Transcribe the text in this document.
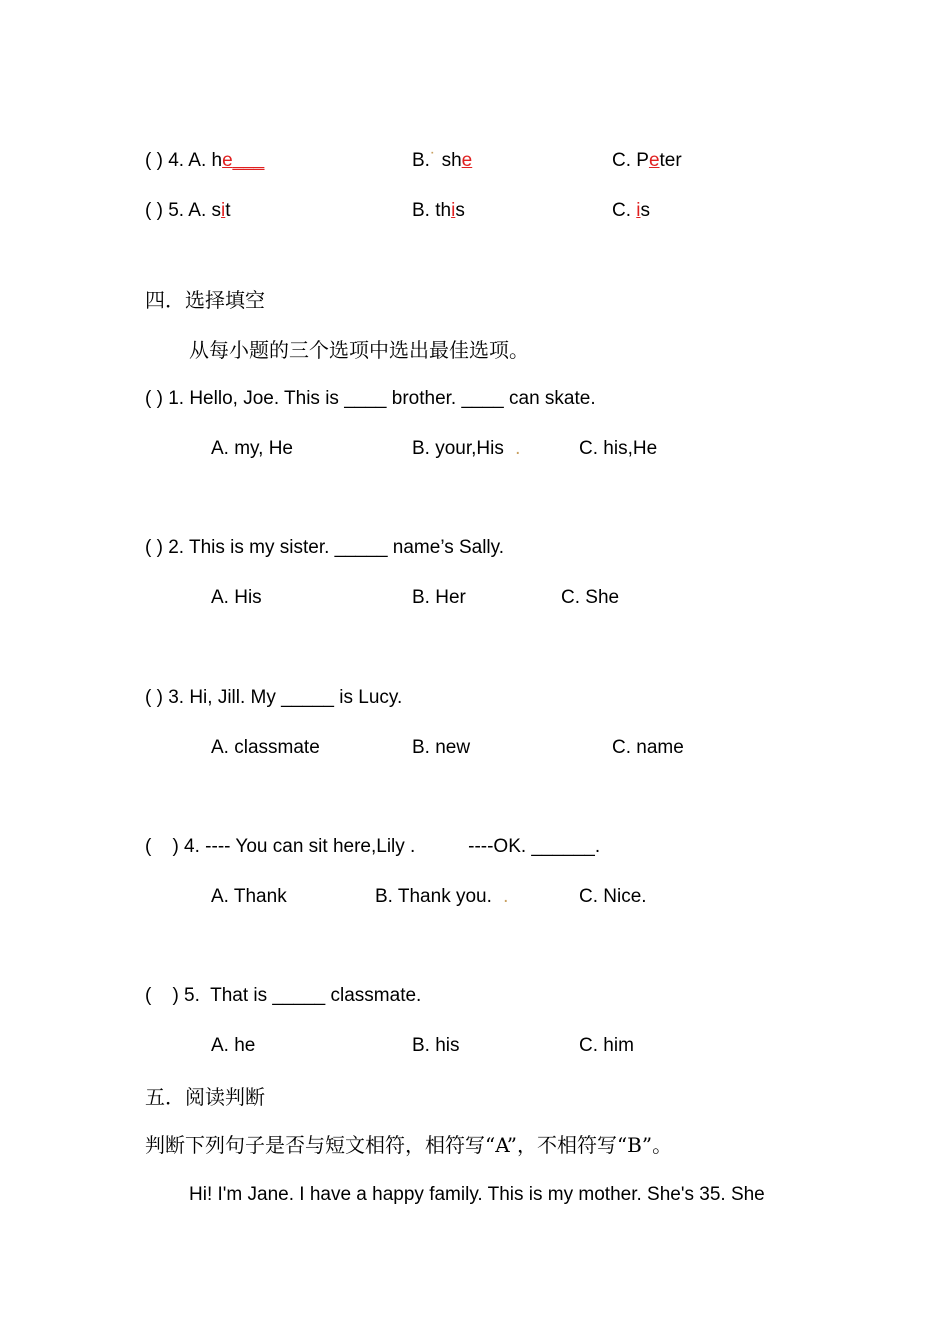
( ) 4. A. he___	B.˙ she	C. Peter
( ) 5. A. sit	B. this	C. is
四．选择填空
从每小题的三个选项中选出最佳选项。
( ) 1. Hello, Joe. This is ____ brother. ____ can skate.
A. my, He	B. your,His .	C. his,He
( ) 2. This is my sister. _____ name’s Sally.
A. His	B. Her	C. She
( ) 3. Hi, Jill. My _____ is Lucy.
A. classmate	B. new	C. name
(    ) 4. ---- You can sit here,Lily .          ----OK. ______.
A. Thank	B. Thank you. .	C. Nice.
(    ) 5.  That is _____ classmate.
A. he	B. his	C. him
五．阅读判断
判断下列句子是否与短文相符，相符写“A”，不相符写“B”。
Hi! I'm Jane. I have a happy family. This is my mother. She's 35. She
